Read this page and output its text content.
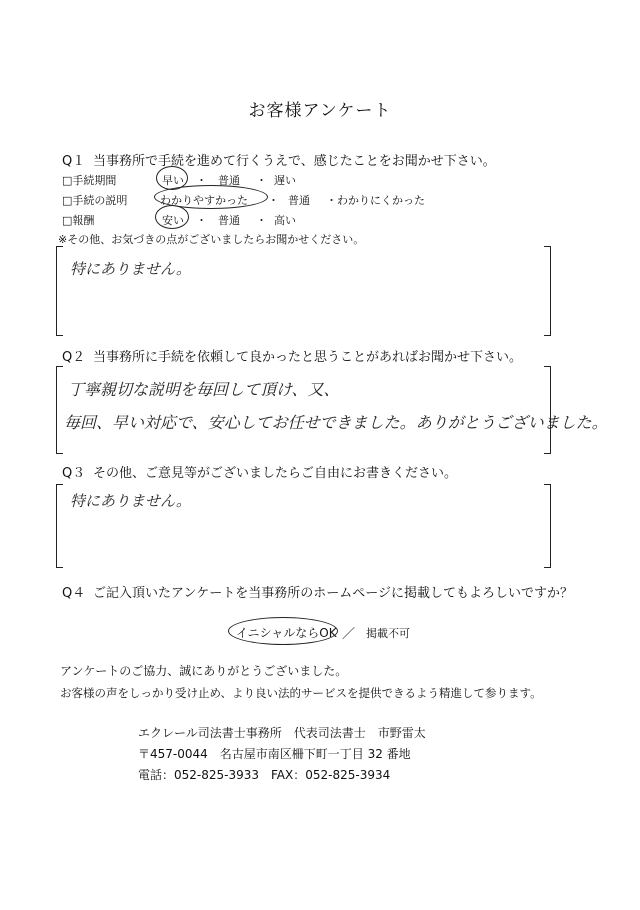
お客様アンケート
Q１ 当事務所で手続を進めて行くうえで、感じたことをお聞かせ下さい。
□手続期間	早い ・ 普通 ・ 遅い
□手続の説明	わかりやすかった ・ 普通 ・わかりにくかった
□報酬	安い ・ 普通 ・ 高い
※その他、お気づきの点がございましたらお聞かせください。
特にありません。
Q２ 当事務所に手続を依頼して良かったと思うことがあればお聞かせ下さい。
丁寧親切な説明を毎回して頂け、又、
毎回、早い対応で、安心してお任せできました。ありがとうございました。
Q３ その他、ご意見等がございましたらご自由にお書きください。
特にありません。
Q４ ご記入頂いたアンケートを当事務所のホームページに掲載してもよろしいですか？
イニシャルならOK ／ 掲載不可
アンケートのご協力、誠にありがとうございました。
お客様の声をしっかり受け止め、より良い法的サービスを提供できるよう精進して参ります。
エクレール司法書士事務所　代表司法書士　市野雷太
〒457-0044　名古屋市南区柵下町一丁目 32 番地
電話：052-825-3933　FAX：052-825-3934
